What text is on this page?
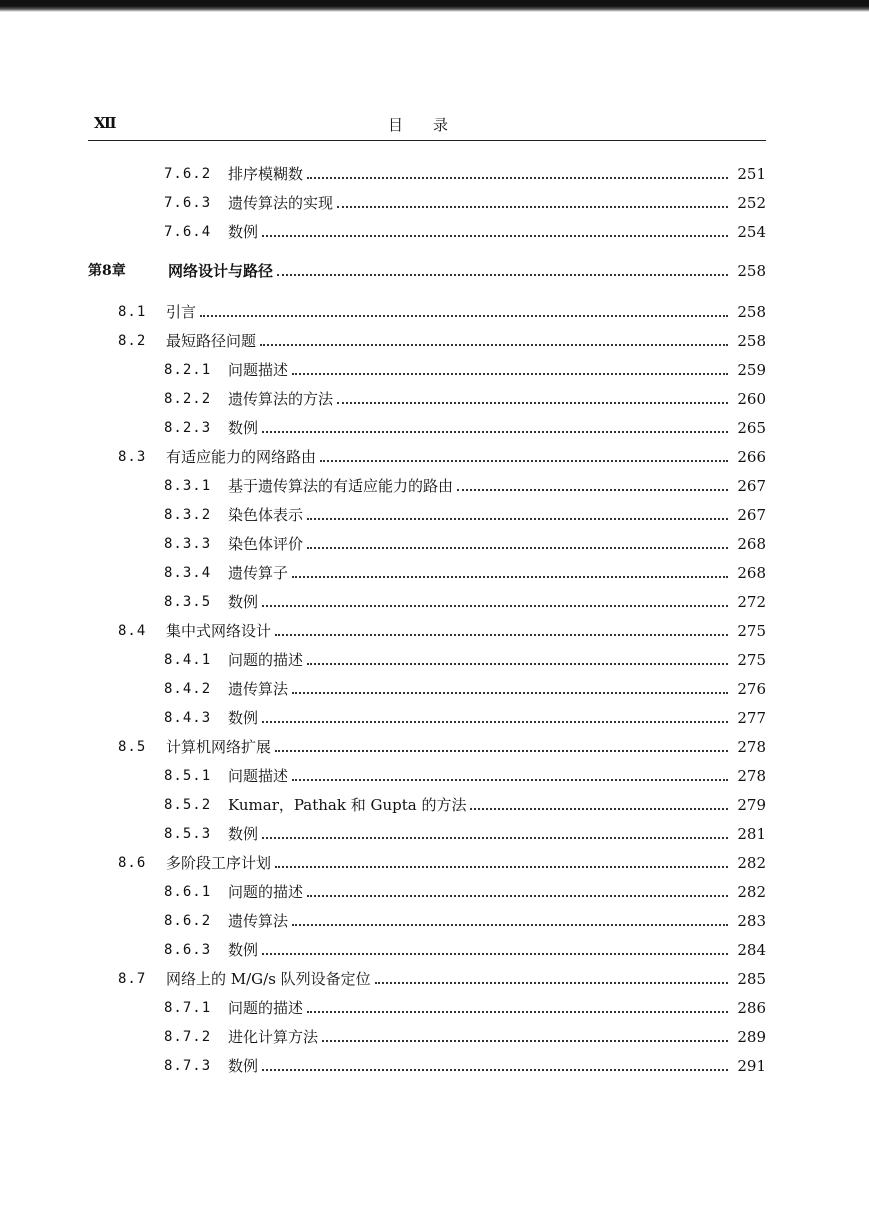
Ⅻ	目录
7.6.2	排序模糊数	251
7.6.3	遗传算法的实现	252
7.6.4	数例	254
第8章	网络设计与路径	258
8.1	引言	258
8.2	最短路径问题	258
8.2.1	问题描述	259
8.2.2	遗传算法的方法	260
8.2.3	数例	265
8.3	有适应能力的网络路由	266
8.3.1	基于遗传算法的有适应能力的路由	267
8.3.2	染色体表示	267
8.3.3	染色体评价	268
8.3.4	遗传算子	268
8.3.5	数例	272
8.4	集中式网络设计	275
8.4.1	问题的描述	275
8.4.2	遗传算法	276
8.4.3	数例	277
8.5	计算机网络扩展	278
8.5.1	问题描述	278
8.5.2	Kumar，Pathak 和 Gupta 的方法	279
8.5.3	数例	281
8.6	多阶段工序计划	282
8.6.1	问题的描述	282
8.6.2	遗传算法	283
8.6.3	数例	284
8.7	网络上的 M/G/s 队列设备定位	285
8.7.1	问题的描述	286
8.7.2	进化计算方法	289
8.7.3	数例	291
